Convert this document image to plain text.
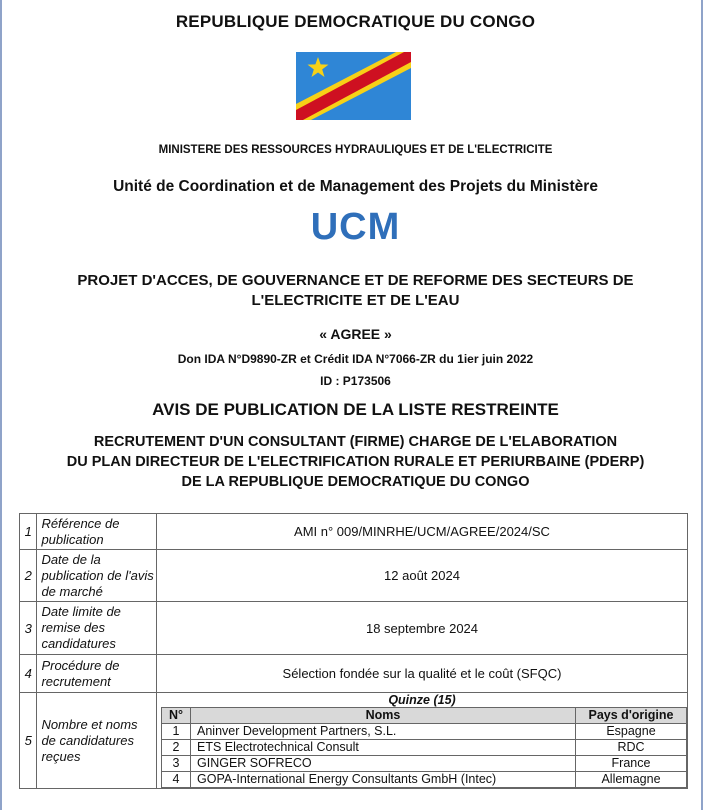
REPUBLIQUE DEMOCRATIQUE DU CONGO
MINISTERE DES RESSOURCES HYDRAULIQUES ET DE L'ELECTRICITE
Unité de Coordination et de Management des Projets du Ministère
UCM
PROJET D'ACCES, DE GOUVERNANCE ET DE REFORME DES SECTEURS DE
L'ELECTRICITE ET DE L'EAU
« AGREE »
Don IDA N°D9890-ZR et Crédit IDA N°7066-ZR du 1ier juin 2022
ID : P173506
AVIS DE PUBLICATION DE LA LISTE RESTREINTE
RECRUTEMENT D'UN CONSULTANT (FIRME) CHARGE DE L'ELABORATION
DU PLAN DIRECTEUR DE L'ELECTRIFICATION RURALE ET PERIURBAINE (PDERP)
DE LA REPUBLIQUE DEMOCRATIQUE DU CONGO
1	Référence de publication	AMI n° 009/MINRHE/UCM/AGREE/2024/SC
2	Date de la publication de l'avis de marché	12 août 2024
3	Date limite de remise des candidatures	18 septembre 2024
4	Procédure de recrutement	Sélection fondée sur la qualité et le coût (SFQC)
5	Nombre et noms de candidatures reçues	
Quinze (15)
N°	Noms	Pays d'origine
1	Aninver Development Partners, S.L.	Espagne
2	ETS Electrotechnical Consult	RDC
3	GINGER SOFRECO	France
4	GOPA-International Energy Consultants GmbH (Intec)	Allemagne
